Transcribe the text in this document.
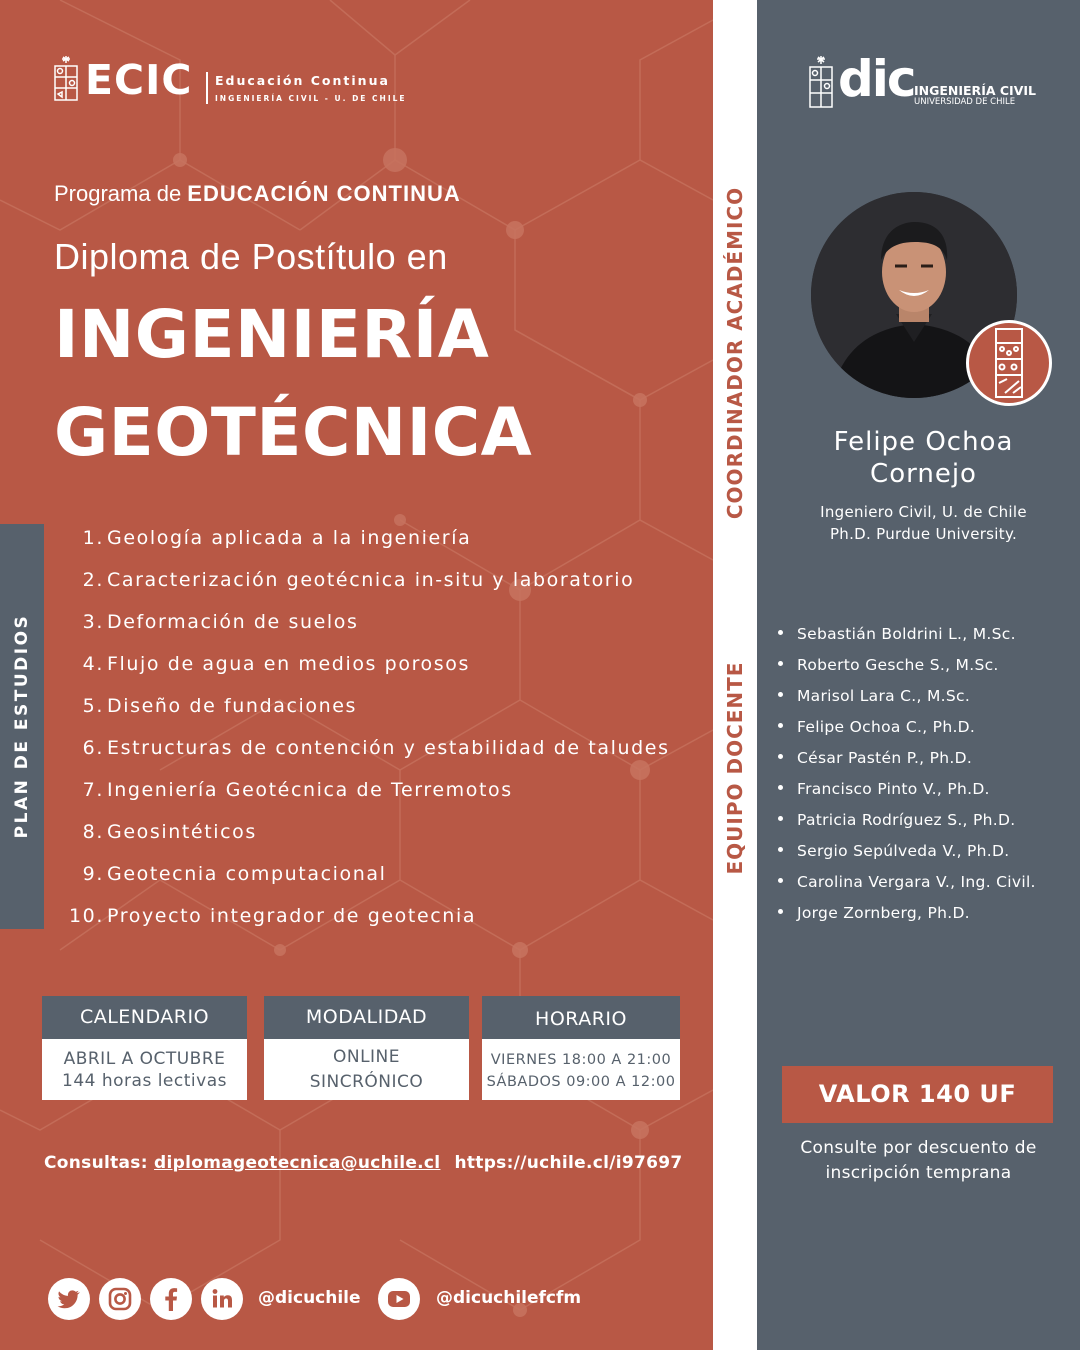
ECIC Educación Continua
INGENIERÍA CIVIL - U. DE CHILE
Programa de EDUCACIÓN CONTINUA
Diploma de Postítulo en
INGENIERÍA
GEOTÉCNICA
PLAN DE ESTUDIOS
1. Geología aplicada a la ingeniería
2. Caracterización geotécnica in-situ y laboratorio
3. Deformación de suelos
4. Flujo de agua en medios porosos
5. Diseño de fundaciones
6. Estructuras de contención y estabilidad de taludes
7. Ingeniería Geotécnica de Terremotos
8. Geosintéticos
9. Geotecnia computacional
10. Proyecto integrador de geotecnia
CALENDARIO
ABRIL A OCTUBRE
144 horas lectivas
MODALIDAD
ONLINE
SINCRÓNICO
HORARIO
VIERNES 18:00 A 21:00
SÁBADOS 09:00 A 12:00
Consultas: diplomageotecnica@uchile.cl https://uchile.cl/i97697
@dicuchile	@dicuchilefcfm
COORDINADOR ACADÉMICO
EQUIPO DOCENTE
dic INGENIERÍA CIVIL
UNIVERSIDAD DE CHILE
Felipe Ochoa
Cornejo
Ingeniero Civil, U. de Chile
Ph.D. Purdue University.
Sebastián Boldrini L., M.Sc.
Roberto Gesche S., M.Sc.
Marisol Lara C., M.Sc.
Felipe Ochoa C., Ph.D.
César Pastén P., Ph.D.
Francisco Pinto V., Ph.D.
Patricia Rodríguez S., Ph.D.
Sergio Sepúlveda V., Ph.D.
Carolina Vergara V., Ing. Civil.
Jorge Zornberg, Ph.D.
VALOR 140 UF
Consulte por descuento de
inscripción temprana
